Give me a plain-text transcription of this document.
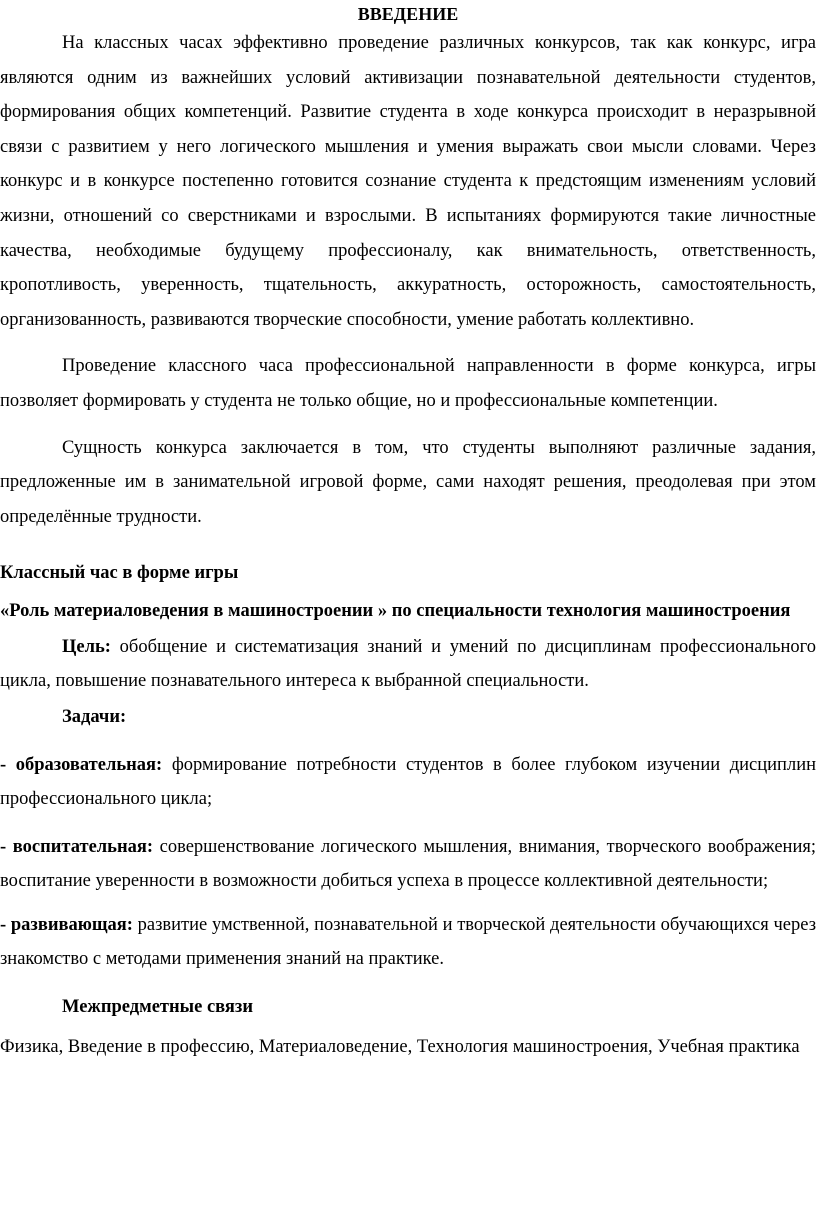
ВВЕДЕНИЕ

На классных часах эффективно проведение различных конкурсов, так как конкурс, игра являются одним из важнейших условий активизации познавательной деятельности студентов, формирования общих компетенций. Развитие студента в ходе конкурса происходит в неразрывной связи с развитием у него логического мышления и умения выражать свои мысли словами. Через конкурс и в конкурсе постепенно готовится сознание студента к предстоящим изменениям условий жизни, отношений со сверстниками и взрослыми. В испытаниях формируются такие личностные качества, необходимые будущему профессионалу, как внимательность, ответственность, кропотливость, уверенность, тщательность, аккуратность, осторожность, самостоятельность, организованность, развиваются творческие способности, умение работать коллективно.

Проведение классного часа профессиональной направленности в форме конкурса, игры позволяет формировать у студента не только общие, но и профессиональные компетенции.

Сущность конкурса заключается в том, что студенты выполняют различные задания, предложенные им в занимательной игровой форме, сами находят решения, преодолевая при этом определённые трудности.

Классный час в форме игры

«Роль материаловедения в машиностроении » по специальности технология машиностроения

Цель: обобщение и систематизация знаний и умений по дисциплинам профессионального цикла, повышение познавательного интереса к выбранной специальности.

Задачи:

- образовательная: формирование потребности студентов в более глубоком изучении дисциплин профессионального цикла;

- воспитательная: совершенствование логического мышления, внимания, творческого воображения; воспитание уверенности в возможности добиться успеха в процессе коллективной деятельности;

- развивающая: развитие умственной, познавательной и творческой деятельности обучающихся через знакомство с методами применения знаний на практике.

Межпредметные связи

Физика, Введение в профессию, Материаловедение, Технология машиностроения, Учебная практика
